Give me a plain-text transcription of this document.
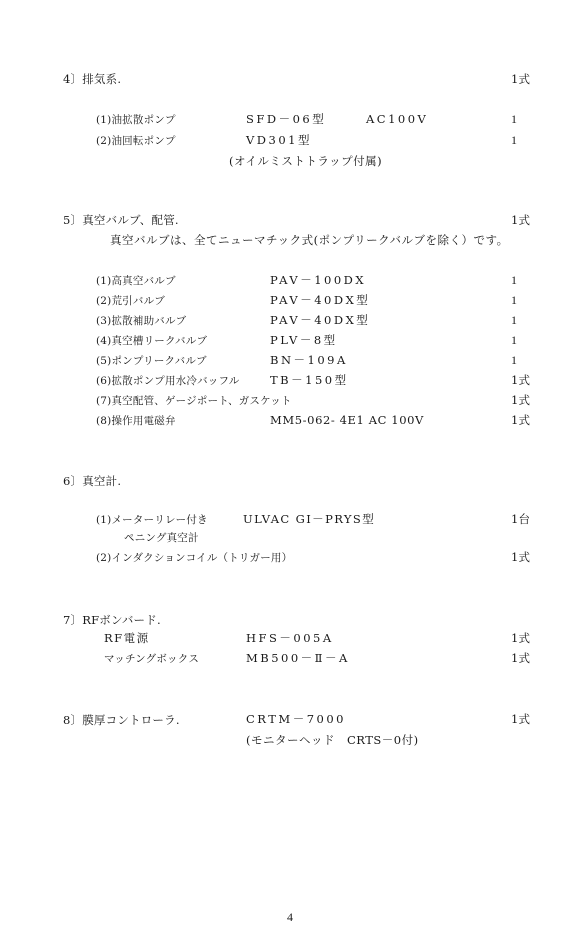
4〕排気系.	1式
(1)油拡散ポンプ	SFD－06型	AC100V	1
(2)油回転ポンプ	VD301型	1
(オイルミストトラップ付属)
5〕真空バルブ、配管.	1式
真空バルブは、全てニューマチック式(ポンプリークバルブを除く）です。
(1)高真空バルブ	PAV－100DX	1
(2)荒引バルブ	PAV－40DX型	1
(3)拡散補助バルブ	PAV－40DX型	1
(4)真空槽リークバルブ	PLV－8型	1
(5)ポンプリークバルブ	BN－109A	1
(6)拡散ポンプ用水冷バッフル	TB－150型	1式
(7)真空配管、ゲージポート、ガスケット	1式
(8)操作用電磁弁	MM5-062- 4E1 AC 100V	1式
6〕真空計.
(1)メーターリレー付き	ULVAC GI－PRYS型	1台
ペニング真空計
(2)インダクションコイル（トリガー用）	1式
7〕RFボンバード.
RF電源	HFS－005A	1式
マッチングボックス	MB500－Ⅱ－A	1式
8〕膜厚コントローラ.	CRTM－7000	1式
(モニターヘッド　CRTS－0付)
4
